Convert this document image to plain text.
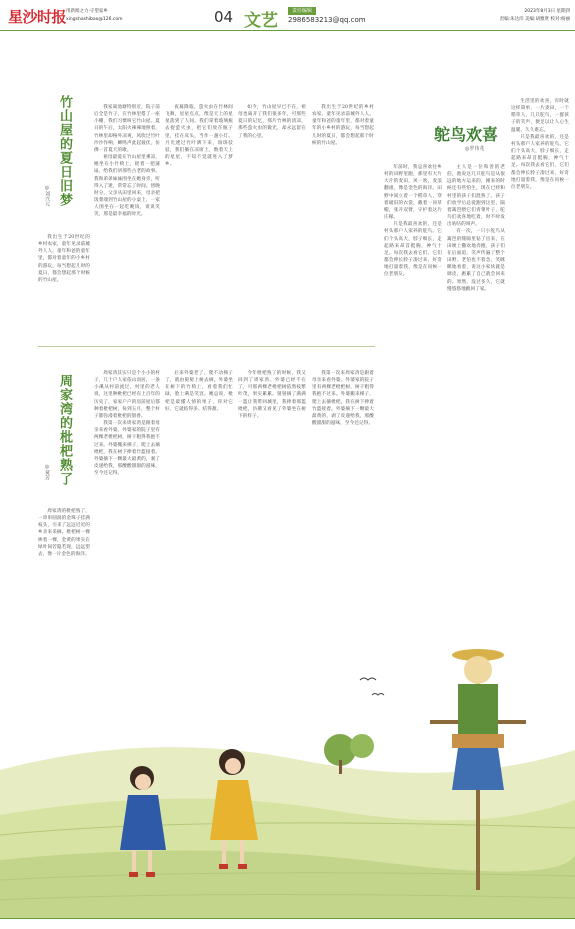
星沙时报 用新闻之力·守望家乡
xingshashibao@126.com	04 文艺	责任编辑
2986583213@qq.com
2023年8月3日 星期四
责编:朱达洋 美编:胡雅贤 校对:杨丽
竹山屋的夏日旧梦
◎刘兴元

我出生于20世纪的乡村农家，童年见录前城外人人。童年和爸的童年里，都对着童年的小乡村的游玩，每当想起儿时的夏日，都会想起那个时候的竹山屋。

我家离池塘特别近，院子前后全是竹子，在竹林里搭了一座小棚，我们习惯叫它竹山屋。夏日的午后，太阳火辣辣地照着，竹林里却格外凉爽，风吹过竹叶沙沙作响，蝉鸣声此起彼伏，仿佛一首夏天的歌。

祖母最爱在竹山屋里乘凉，她坐在小竹椅上，摇着一把蒲扇，给我们讲那些古老的故事。我和弟弟妹妹围坐在她身旁，听得入了迷，常常忘了时间。傍晚时分，父亲从田里回来，母亲把饭菜端到竹山屋的小桌上，一家人围坐在一起吃晚饭，说说笑笑，那是最幸福的时光。

夜幕降临，萤火虫在竹林间飞舞，星星点点，像是天上的星星落到了人间。我们拿着玻璃瓶去捉萤火虫，把它们放在瓶子里，挂在床头，当作一盏小灯。月光透过竹叶洒下来，斑斑驳驳，我们躺在凉席上，数着天上的星星，不知不觉就进入了梦乡。

如今，竹山屋早已不在，祖母也离开了我们很多年，可那些夏日的记忆，那片竹林的清凉，那些萤火虫的微光，却永远留在了我的心里。

我出生于20世纪的乡村农家，童年见录前城外人人。童年和爸的童年里，都对着童年的小乡村的游玩，每当想起儿时的夏日，都会想起那个时候的竹山屋。

周家湾的枇杷熟了
◎黄芳

周家湾的枇杷熟了，一串串圆润的金珠子挂满枝头，引来了远远近近的乡亲来采摘。枇杷树一棵挨着一棵，金黄的果实在绿叶间若隐若现，远远望去，像一片金色的海洋。

周家湾其实只是个小小的村子，几十户人家依山而居，一条小溪从村前流过。村里的老人说，这里种枇杷已经有上百年的历史了，家家户户的房前屋后都种着枇杷树，每到五月，整个村子都弥漫着枇杷的甜香。

我第一次来周家湾是跟着母亲来看外婆。外婆家的院子里有两棵老枇杷树，树干粗得我抱不过来。外婆搬来梯子，爬上去摘枇杷，我在树下捧着竹篮接着。外婆摘下一颗最大最黄的，剥了皮递给我，那酸酸甜甜的滋味，至今还记得。

后来外婆老了，爬不动梯子了，就由舅舅上树去摘。外婆坐在树下的竹椅上，看着我们忙碌，脸上满是笑容。她总说，枇杷是最懂人情的果子，你对它好，它就结得多、结得甜。

今年枇杷熟了的时候，我又回到了周家湾。外婆已经不在了，可那两棵老枇杷树依然枝繁叶茂，果实累累。舅舅摘了满满一篮让我带回城里，我捧着那篮枇杷，仿佛又看见了外婆坐在树下的样子。

我第一次来周家湾是跟着母亲来看外婆。外婆家的院子里有两棵老枇杷树，树干粗得我抱不过来。外婆搬来梯子，爬上去摘枇杷，我在树下捧着竹篮接着。外婆摘下一颗最大最黄的，剥了皮递给我，那酸酸甜甜的滋味，至今还记得。

鸵鸟欢喜
◎罗伟兆

年前时，我总喜欢往乡村的田野里跑，那里有大片大片的麦田，风一吹，麦浪翻滚，像是金色的海洋。田野中间立着一个稻草人，穿着破旧的衣裳，戴着一顶草帽，张开双臂，守护着这片庄稼。

只是我最喜欢的，还是村头那户人家养的鸵鸟。它们个头高大，脖子细长，走起路来昂首挺胸，神气十足。每次我去看它们，它们都会伸长脖子凑过来，好奇地打量着我，像是在问候一位老朋友。

主人是一位和善的老伯，他说这几只鸵鸟是从很远的地方运来的，刚来的时候还有些怕生，现在已经和村里的孩子们混熟了。孩子们放学后总爱跑到这里，隔着篱笆喂它们青菜叶子，鸵鸟们欢喜地吃着，时不时发出咕咕的叫声。

有一次，一只小鸵鸟从篱笆的缝隙里钻了出来，在田埂上撒欢地奔跑，孩子们在后面追，笑声传遍了整个田野。老伯也不着急，笑眯眯地看着，说这小家伙就是调皮，跑累了自己就会回来的。果然，没过多久，它就慢悠悠地踱回了家。

生活里的欢喜，有时就这样简单，一片麦田，一个稻草人，几只鸵鸟，一群孩子的笑声，便足以让人心生温暖，久久难忘。

只是我最喜欢的，还是村头那户人家养的鸵鸟。它们个头高大，脖子细长，走起路来昂首挺胸，神气十足。每次我去看它们，它们都会伸长脖子凑过来，好奇地打量着我，像是在问候一位老朋友。
